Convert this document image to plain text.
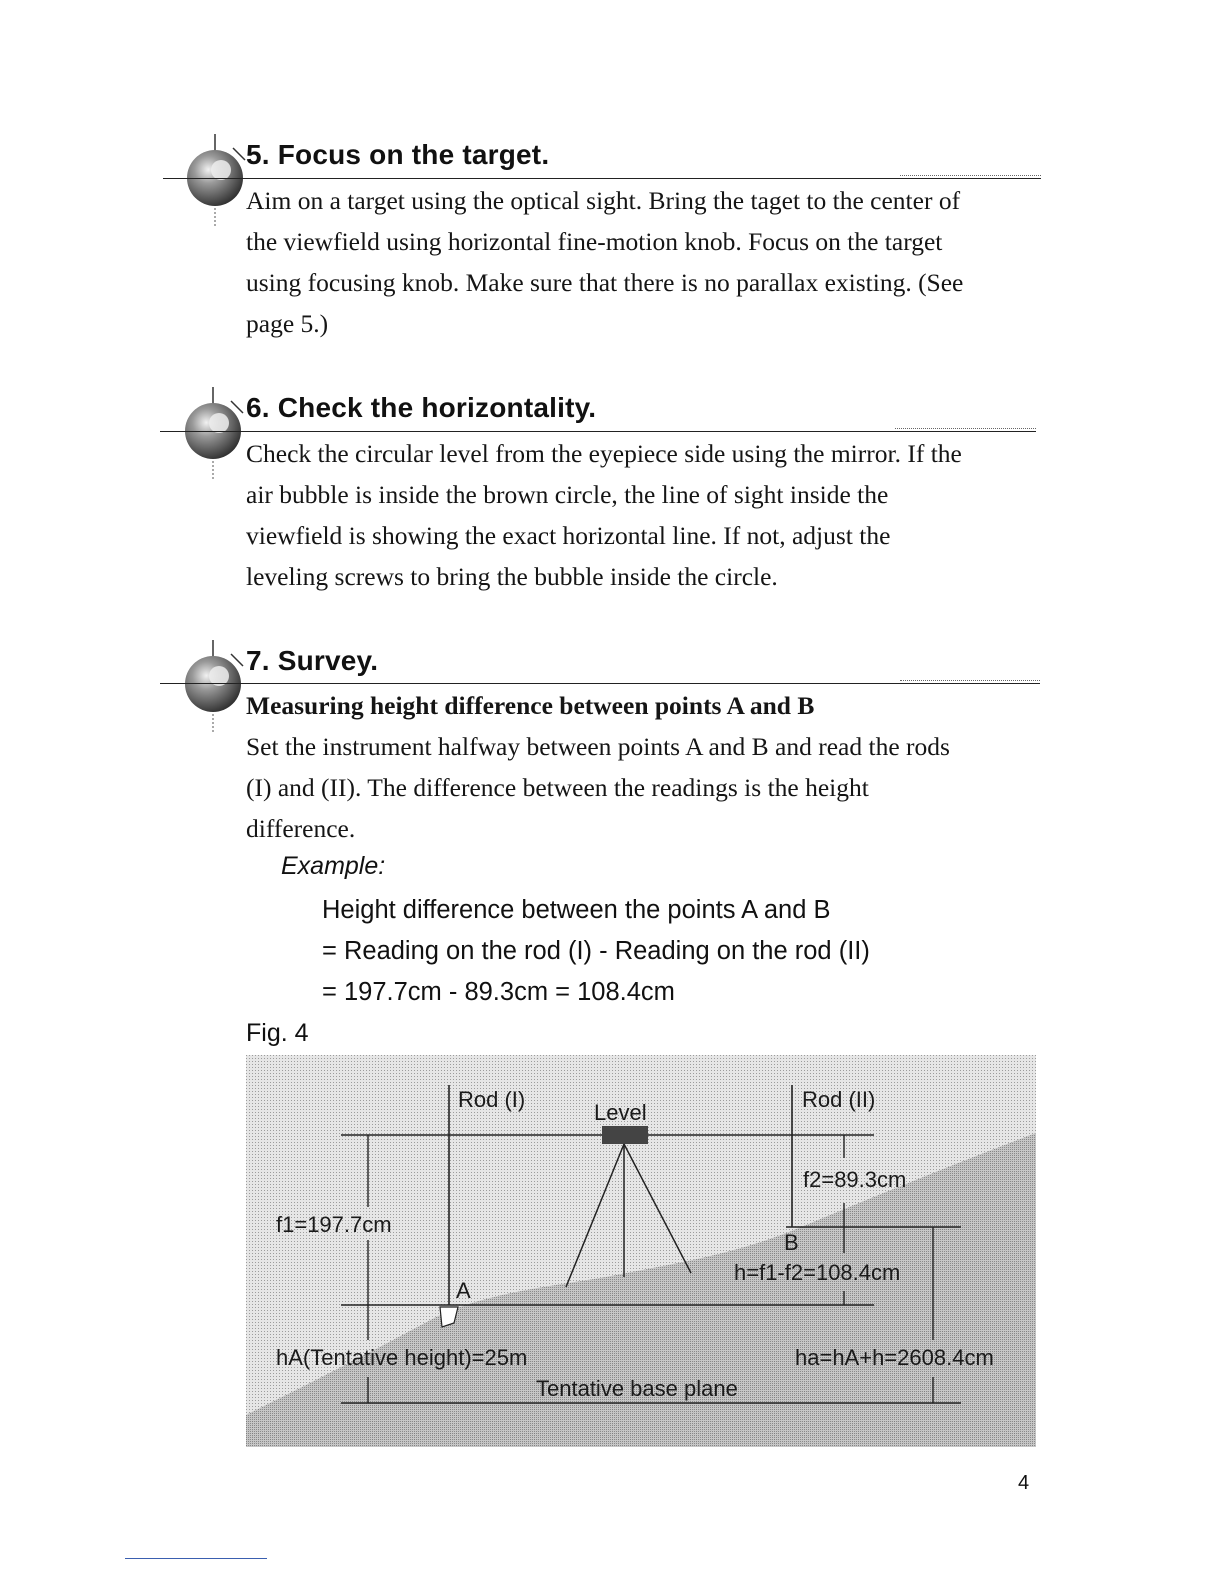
5. Focus on the target.

Aim on a target using the optical sight. Bring the taget to the center of
the viewfield using horizontal fine-motion knob. Focus on the target
using focusing knob. Make sure that there is no parallax existing. (See
page 5.)

6. Check the horizontality.

Check the circular level from the eyepiece side using the mirror. If the
air bubble is inside the brown circle, the line of sight inside the
viewfield is showing the exact horizontal line. If not, adjust the
leveling screws to bring the bubble inside the circle.

7. Survey.

Measuring height difference between points A and B
Set the instrument halfway between points A and B and read the rods
(I) and (II). The difference between the readings is the height
difference.

Example:

Height difference between the points A and B

= Reading on the rod (I) - Reading on the rod (II)

= 197.7cm - 89.3cm = 108.4cm

Fig. 4

Rod (I)
Level
Rod (II)
f2=89.3cm
f1=197.7cm
B
h=f1-f2=108.4cm
A
hA(Tentative height)=25m	ha=hA+h=2608.4cm
Tentative base plane

4
